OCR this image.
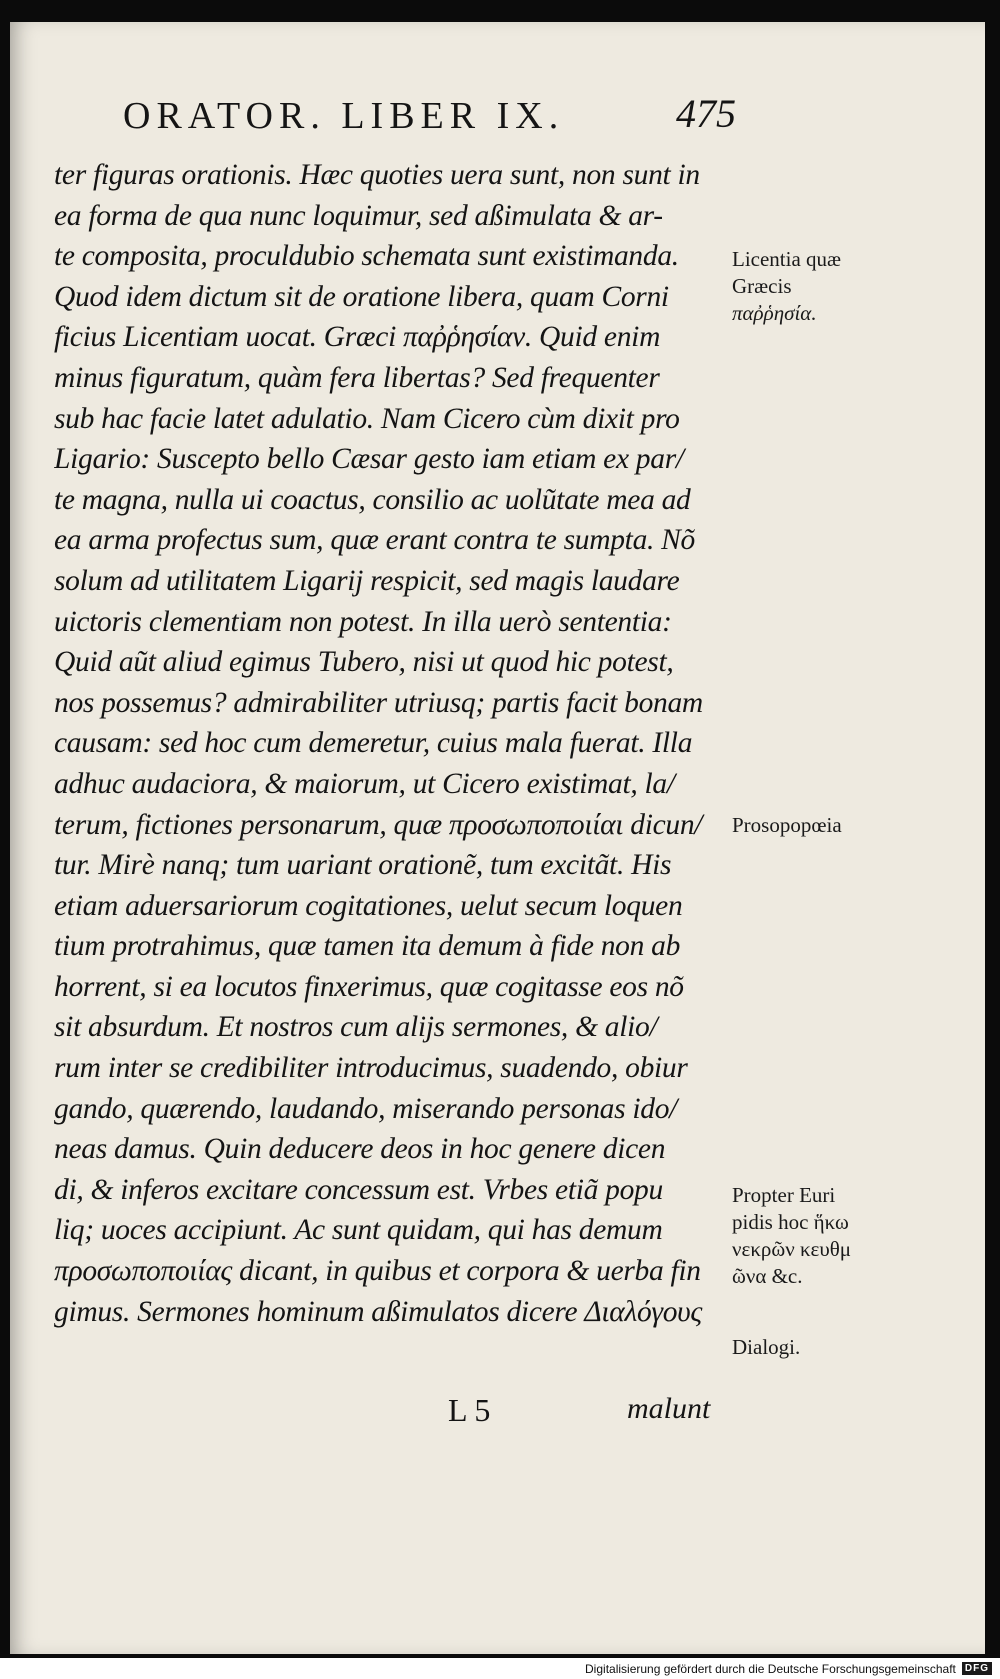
ORATOR. LIBER IX.	475
ter figuras orationis. Hæc quoties uera sunt, non sunt in
ea forma de qua nunc loquimur, sed aßimulata & ar-
te composita, proculdubio schemata sunt existimanda.
Quod idem dictum sit de oratione libera, quam Corni
ficius Licentiam uocat. Græci παῤῥησίαν. Quid enim
minus figuratum, quàm fera libertas? Sed frequenter
sub hac facie latet adulatio. Nam Cicero cùm dixit pro
Ligario: Suscepto bello Cæsar gesto iam etiam ex par/
te magna, nulla ui coactus, consilio ac uolũtate mea ad
ea arma profectus sum, quæ erant contra te sumpta. Nõ
solum ad utilitatem Ligarij respicit, sed magis laudare
uictoris clementiam non potest. In illa uerò sententia:
Quid aũt aliud egimus Tubero, nisi ut quod hic potest,
nos possemus? admirabiliter utriusq; partis facit bonam
causam: sed hoc cum demeretur, cuius mala fuerat. Illa
adhuc audaciora, & maiorum, ut Cicero existimat, la/
terum, fictiones personarum, quæ προσωποποιίαι dicun/
tur. Mirè nanq; tum uariant orationẽ, tum excitãt. His
etiam aduersariorum cogitationes, uelut secum loquen
tium protrahimus, quæ tamen ita demum à fide non ab
horrent, si ea locutos finxerimus, quæ cogitasse eos nõ
sit absurdum. Et nostros cum alijs sermones, & alio/
rum inter se credibiliter introducimus, suadendo, obiur
gando, quærendo, laudando, miserando personas ido/
neas damus. Quin deducere deos in hoc genere dicen
di, & inferos excitare concessum est. Vrbes etiã popu
liq; uoces accipiunt. Ac sunt quidam, qui has demum
προσωποποιίας dicant, in quibus et corpora & uerba fin
gimus. Sermones hominum aßimulatos dicere Διαλόγους
L 5	malunt
Licentia quæ
Græcis
παῤῥησία.
Prosopopœia
Propter Euri
pidis hoc ἥκω
νεκρῶν κευθμ
ῶνα &c.
Dialogi.
Digitalisierung gefördert durch die Deutsche Forschungsgemeinschaft DFG
